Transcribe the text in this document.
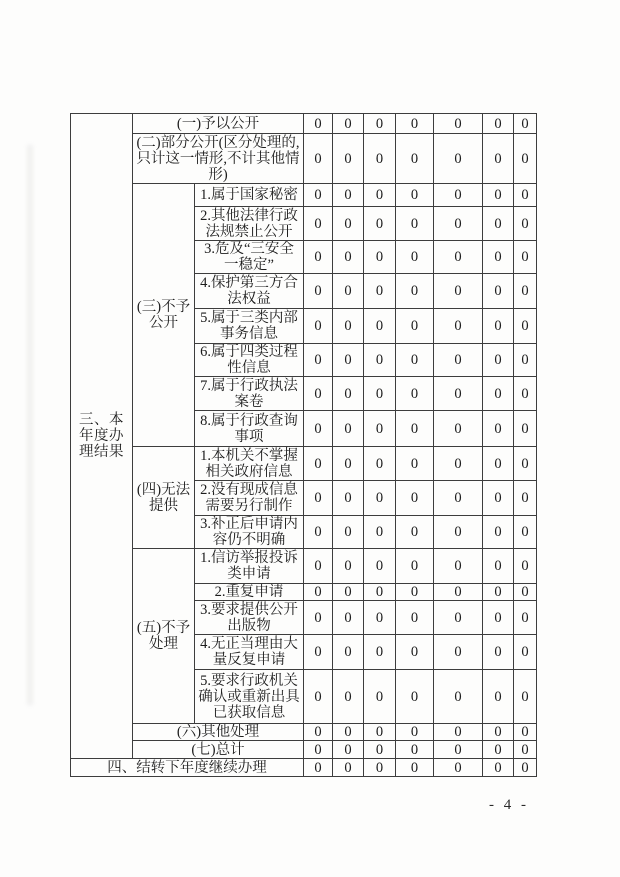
三、本年度办理结果	(一)予以公开		0	0	0	0	0	0	0
	(二)部分公开(区分处理的,只计这一情形,不计其他情形)		0	0	0	0	0	0	0
	(三)不予公开	1.属于国家秘密	0	0	0	0	0	0	0
		2.其他法律行政法规禁止公开	0	0	0	0	0	0	0
		3.危及“三安全一稳定”	0	0	0	0	0	0	0
		4.保护第三方合法权益	0	0	0	0	0	0	0
		5.属于三类内部事务信息	0	0	0	0	0	0	0
		6.属于四类过程性信息	0	0	0	0	0	0	0
		7.属于行政执法案卷	0	0	0	0	0	0	0
		8.属于行政查询事项	0	0	0	0	0	0	0
	(四)无法提供	1.本机关不掌握相关政府信息	0	0	0	0	0	0	0
		2.没有现成信息需要另行制作	0	0	0	0	0	0	0
		3.补正后申请内容仍不明确	0	0	0	0	0	0	0
	(五)不予处理	1.信访举报投诉类申请	0	0	0	0	0	0	0
		2.重复申请	0	0	0	0	0	0	0
		3.要求提供公开出版物	0	0	0	0	0	0	0
		4.无正当理由大量反复申请	0	0	0	0	0	0	0
		5.要求行政机关确认或重新出具已获取信息	0	0	0	0	0	0	0
	(六)其他处理		0	0	0	0	0	0	0
	(七)总计		0	0	0	0	0	0	0
四、结转下年度继续办理			0	0	0	0	0	0	0
- 4 -
